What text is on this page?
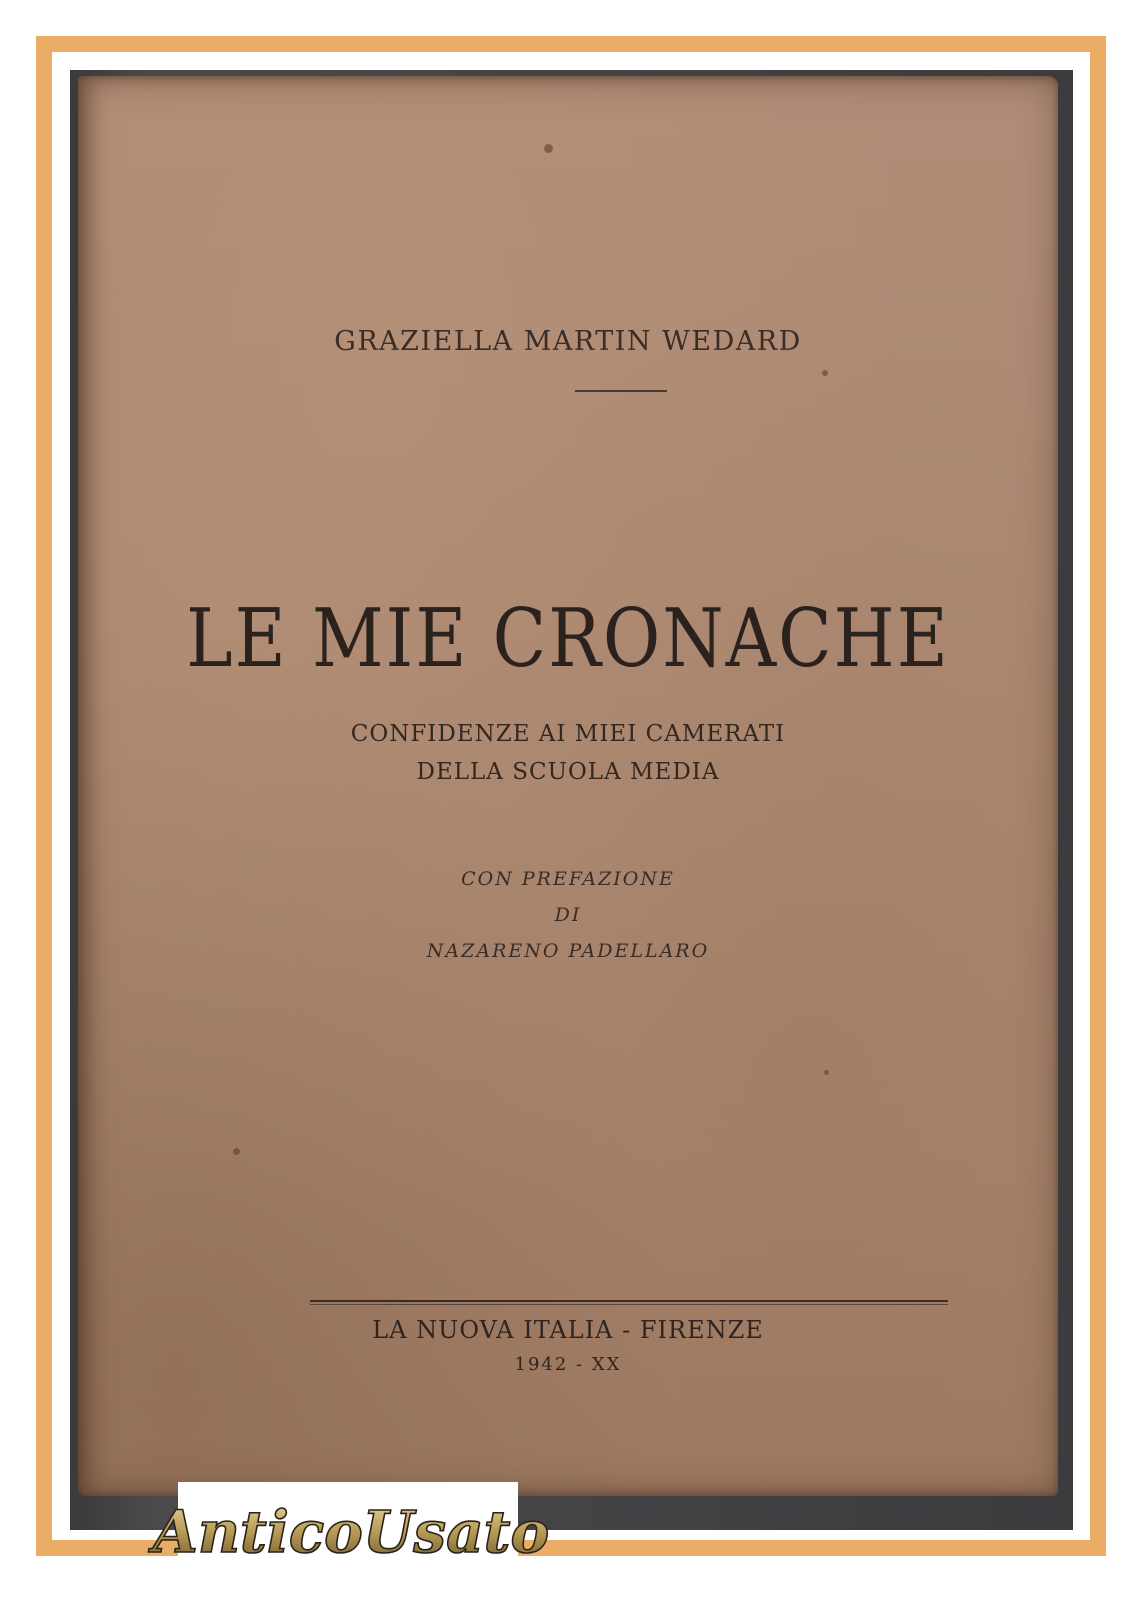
GRAZIELLA MARTIN WEDARD
LE MIE CRONACHE
CONFIDENZE AI MIEI CAMERATI
DELLA SCUOLA MEDIA
CON PREFAZIONE
DI
NAZARENO PADELLARO
LA NUOVA ITALIA - FIRENZE
1942 - XX
AnticoUsato
